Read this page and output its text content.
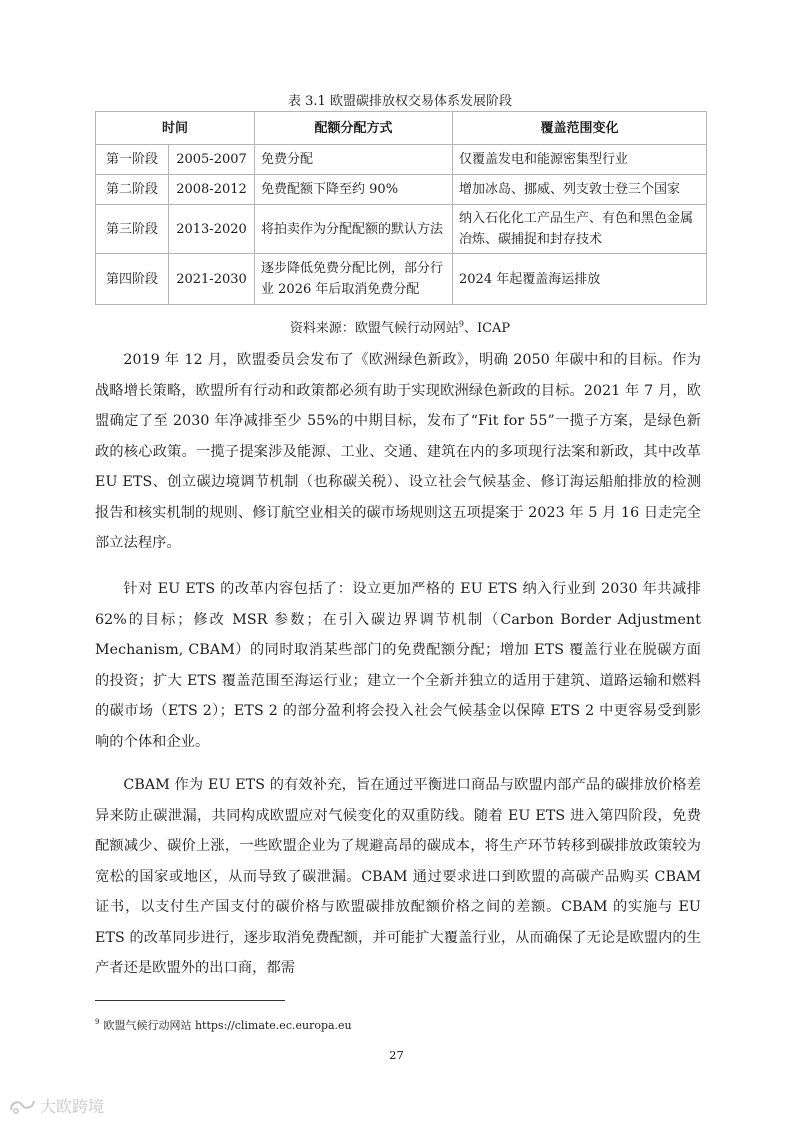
表 3.1 欧盟碳排放权交易体系发展阶段
时间		配额分配方式	覆盖范围变化
第一阶段	2005-2007	免费分配	仅覆盖发电和能源密集型行业
第二阶段	2008-2012	免费配额下降至约 90%	增加冰岛、挪威、列支敦士登三个国家
第三阶段	2013-2020	将拍卖作为分配配额的默认方法	纳入石化化工产品生产、有色和黑色金属冶炼、碳捕捉和封存技术
第四阶段	2021-2030	逐步降低免费分配比例，部分行业 2026 年后取消免费分配	2024 年起覆盖海运排放
资料来源：欧盟气候行动网站$^9$、ICAP

2019 年 12 月，欧盟委员会发布了《欧洲绿色新政》，明确 2050 年碳中和的目标。作为战略增长策略，欧盟所有行动和政策都必须有助于实现欧洲绿色新政的目标。2021 年 7 月，欧盟确定了至 2030 年净减排至少 55%的中期目标，发布了“Fit for 55”一揽子方案，是绿色新政的核心政策。一揽子提案涉及能源、工业、交通、建筑在内的多项现行法案和新政，其中改革 EU ETS、创立碳边境调节机制（也称碳关税）、设立社会气候基金、修订海运船舶排放的检测报告和核实机制的规则、修订航空业相关的碳市场规则这五项提案于 2023 年 5 月 16 日走完全部立法程序。

针对 EU ETS 的改革内容包括了：设立更加严格的 EU ETS 纳入行业到 2030 年共减排 62%的目标；修改 MSR 参数；在引入碳边界调节机制（Carbon Border Adjustment Mechanism, CBAM）的同时取消某些部门的免费配额分配；增加 ETS 覆盖行业在脱碳方面的投资；扩大 ETS 覆盖范围至海运行业；建立一个全新并独立的适用于建筑、道路运输和燃料的碳市场（ETS 2）；ETS 2 的部分盈利将会投入社会气候基金以保障 ETS 2 中更容易受到影响的个体和企业。

CBAM 作为 EU ETS 的有效补充，旨在通过平衡进口商品与欧盟内部产品的碳排放价格差异来防止碳泄漏，共同构成欧盟应对气候变化的双重防线。随着 EU ETS 进入第四阶段，免费配额减少、碳价上涨，一些欧盟企业为了规避高昂的碳成本，将生产环节转移到碳排放政策较为宽松的国家或地区，从而导致了碳泄漏。CBAM 通过要求进口到欧盟的高碳产品购买 CBAM 证书，以支付生产国支付的碳价格与欧盟碳排放配额价格之间的差额。CBAM 的实施与 EU ETS 的改革同步进行，逐步取消免费配额，并可能扩大覆盖行业，从而确保了无论是欧盟内的生产者还是欧盟外的出口商，都需

$^9$ 欧盟气候行动网站 https://climate.ec.europa.eu
27
大欧跨境
